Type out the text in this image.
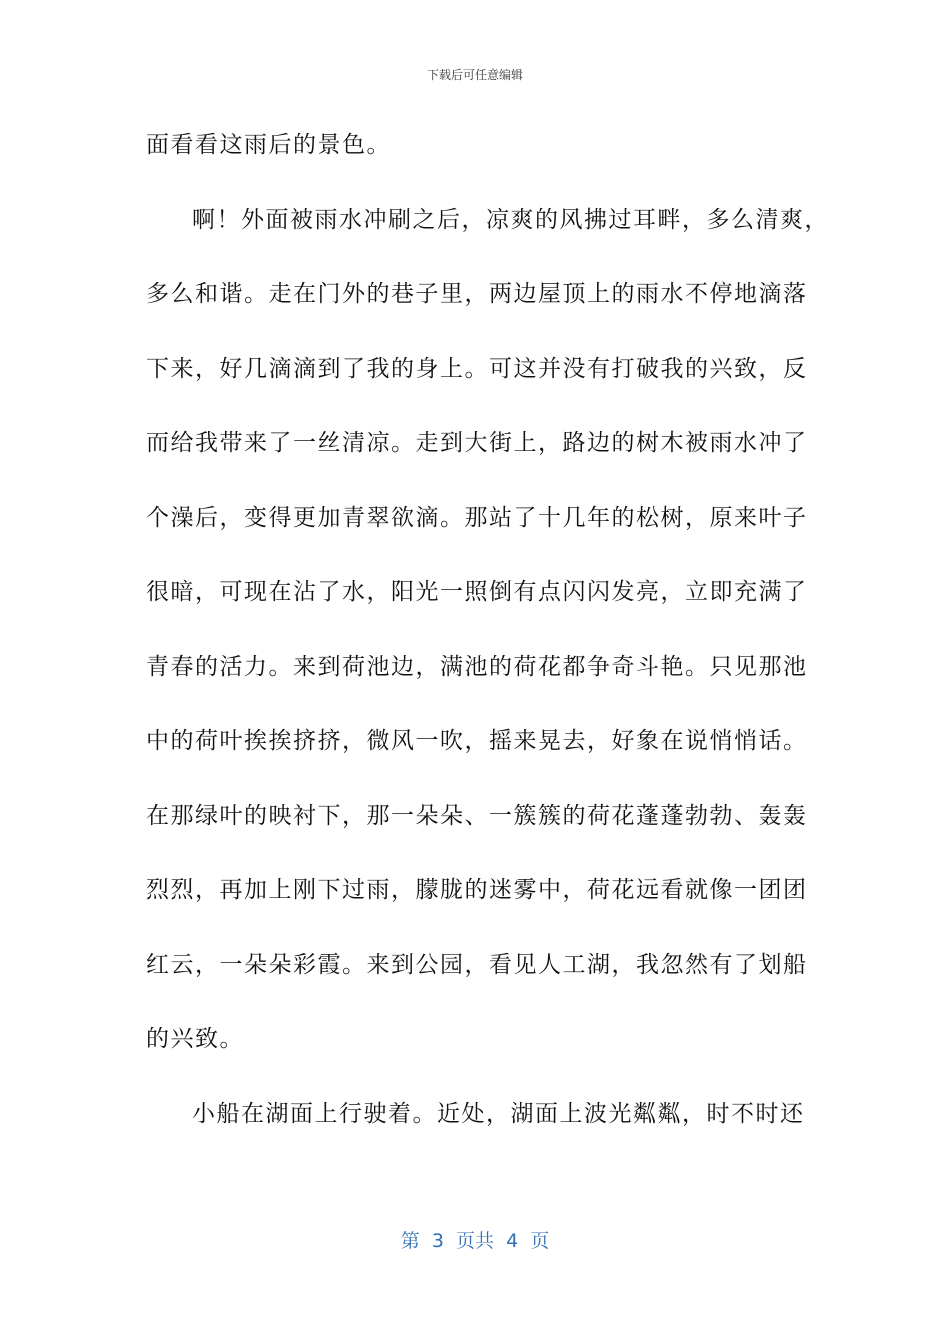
下载后可任意编辑
面看看这雨后的景色。
啊！外面被雨水冲刷之后，凉爽的风拂过耳畔，多么清爽，
多么和谐。走在门外的巷子里，两边屋顶上的雨水不停地滴落
下来，好几滴滴到了我的身上。可这并没有打破我的兴致，反
而给我带来了一丝清凉。走到大街上，路边的树木被雨水冲了
个澡后，变得更加青翠欲滴。那站了十几年的松树，原来叶子
很暗，可现在沾了水，阳光一照倒有点闪闪发亮，立即充满了
青春的活力。来到荷池边，满池的荷花都争奇斗艳。只见那池
中的荷叶挨挨挤挤，微风一吹，摇来晃去，好象在说悄悄话。
在那绿叶的映衬下，那一朵朵、一簇簇的荷花蓬蓬勃勃、轰轰
烈烈，再加上刚下过雨，朦胧的迷雾中，荷花远看就像一团团
红云，一朵朵彩霞。来到公园，看见人工湖，我忽然有了划船
的兴致。
小船在湖面上行驶着。近处，湖面上波光粼粼，时不时还
第  3  页共  4  页
